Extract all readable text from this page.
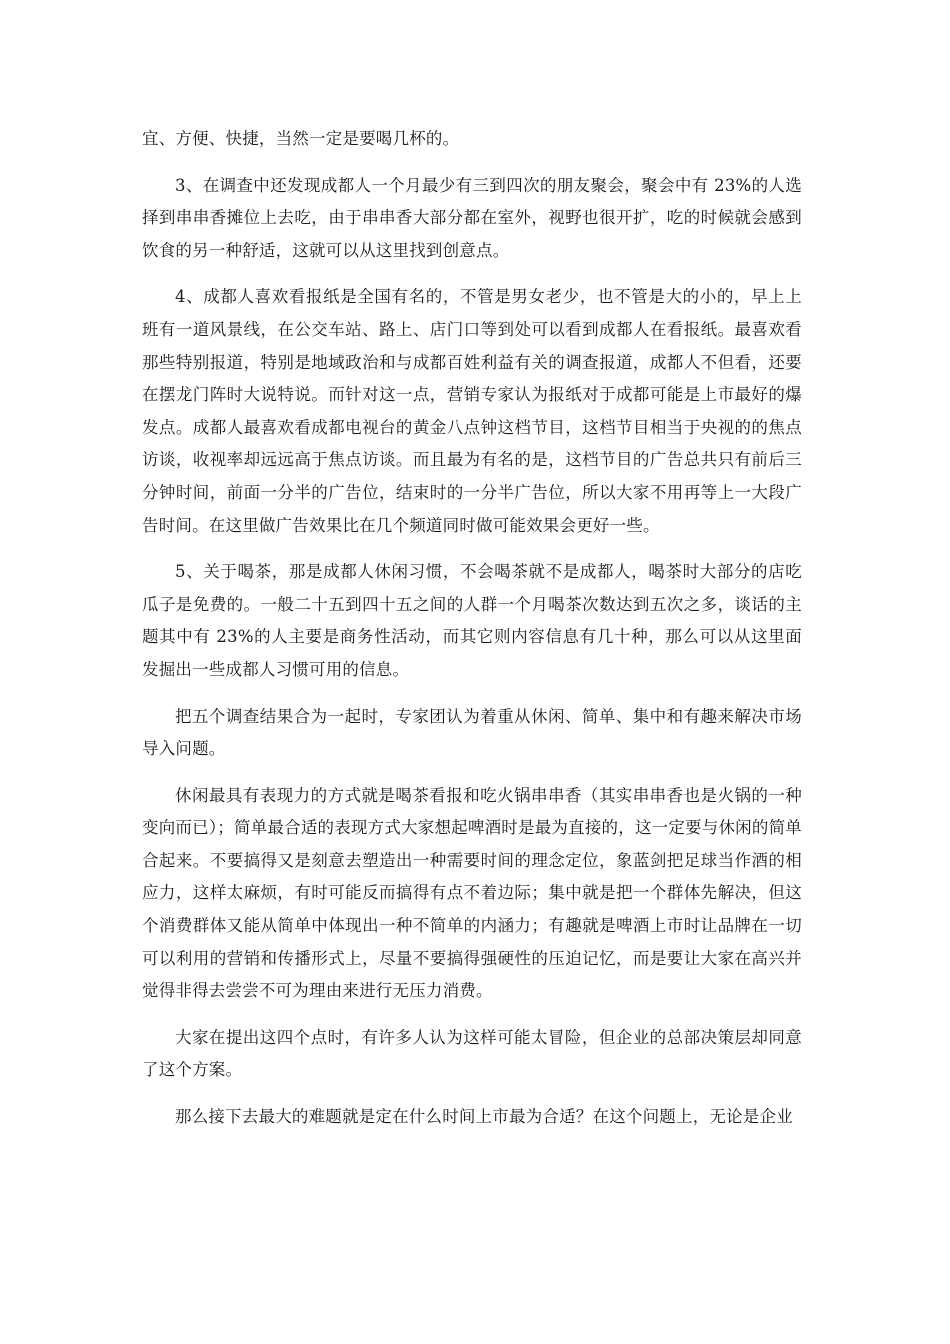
宜、方便、快捷，当然一定是要喝几杯的。

3、在调查中还发现成都人一个月最少有三到四次的朋友聚会，聚会中有 23%的人选择到串串香摊位上去吃，由于串串香大部分都在室外，视野也很开扩，吃的时候就会感到饮食的另一种舒适，这就可以从这里找到创意点。

4、成都人喜欢看报纸是全国有名的，不管是男女老少，也不管是大的小的，早上上班有一道风景线，在公交车站、路上、店门口等到处可以看到成都人在看报纸。最喜欢看那些特别报道，特别是地域政治和与成都百姓利益有关的调查报道，成都人不但看，还要在摆龙门阵时大说特说。而针对这一点，营销专家认为报纸对于成都可能是上市最好的爆发点。成都人最喜欢看成都电视台的黄金八点钟这档节目，这档节目相当于央视的的焦点访谈，收视率却远远高于焦点访谈。而且最为有名的是，这档节目的广告总共只有前后三分钟时间，前面一分半的广告位，结束时的一分半广告位，所以大家不用再等上一大段广告时间。在这里做广告效果比在几个频道同时做可能效果会更好一些。

5、关于喝茶，那是成都人休闲习惯，不会喝茶就不是成都人，喝茶时大部分的店吃瓜子是免费的。一般二十五到四十五之间的人群一个月喝茶次数达到五次之多，谈话的主题其中有 23%的人主要是商务性活动，而其它则内容信息有几十种，那么可以从这里面发掘出一些成都人习惯可用的信息。

把五个调查结果合为一起时，专家团认为着重从休闲、简单、集中和有趣来解决市场导入问题。

休闲最具有表现力的方式就是喝茶看报和吃火锅串串香（其实串串香也是火锅的一种变向而已）；简单最合适的表现方式大家想起啤酒时是最为直接的，这一定要与休闲的简单合起来。不要搞得又是刻意去塑造出一种需要时间的理念定位，象蓝剑把足球当作酒的相应力，这样太麻烦，有时可能反而搞得有点不着边际；集中就是把一个群体先解决，但这个消费群体又能从简单中体现出一种不简单的内涵力；有趣就是啤酒上市时让品牌在一切可以利用的营销和传播形式上，尽量不要搞得强硬性的压迫记忆，而是要让大家在高兴并觉得非得去尝尝不可为理由来进行无压力消费。

大家在提出这四个点时，有许多人认为这样可能太冒险，但企业的总部决策层却同意了这个方案。

那么接下去最大的难题就是定在什么时间上市最为合适？在这个问题上，无论是企业
